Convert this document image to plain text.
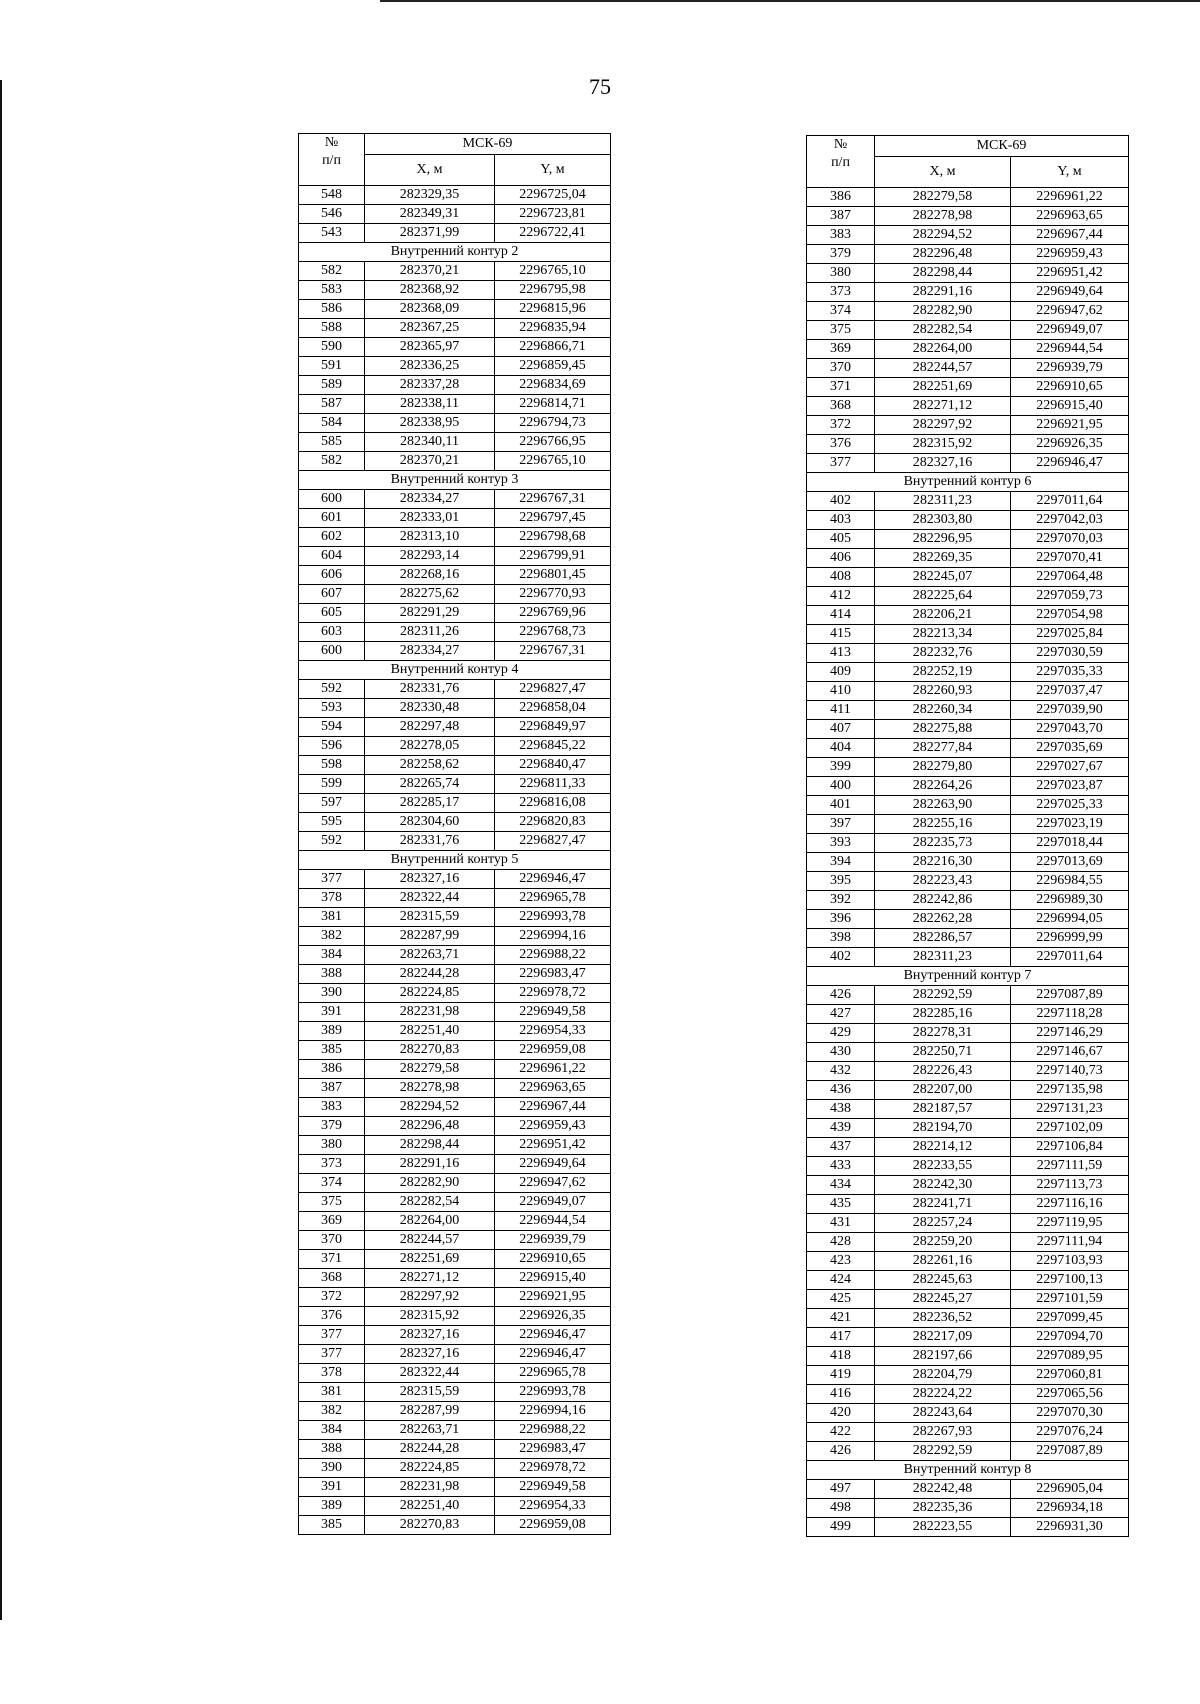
75
№
п/п	МСК-69	
	X, м	Y, м
548	282329,35	2296725,04
546	282349,31	2296723,81
543	282371,99	2296722,41
Внутренний контур 2		
582	282370,21	2296765,10
583	282368,92	2296795,98
586	282368,09	2296815,96
588	282367,25	2296835,94
590	282365,97	2296866,71
591	282336,25	2296859,45
589	282337,28	2296834,69
587	282338,11	2296814,71
584	282338,95	2296794,73
585	282340,11	2296766,95
582	282370,21	2296765,10
Внутренний контур 3		
600	282334,27	2296767,31
601	282333,01	2296797,45
602	282313,10	2296798,68
604	282293,14	2296799,91
606	282268,16	2296801,45
607	282275,62	2296770,93
605	282291,29	2296769,96
603	282311,26	2296768,73
600	282334,27	2296767,31
Внутренний контур 4		
592	282331,76	2296827,47
593	282330,48	2296858,04
594	282297,48	2296849,97
596	282278,05	2296845,22
598	282258,62	2296840,47
599	282265,74	2296811,33
597	282285,17	2296816,08
595	282304,60	2296820,83
592	282331,76	2296827,47
Внутренний контур 5		
377	282327,16	2296946,47
378	282322,44	2296965,78
381	282315,59	2296993,78
382	282287,99	2296994,16
384	282263,71	2296988,22
388	282244,28	2296983,47
390	282224,85	2296978,72
391	282231,98	2296949,58
389	282251,40	2296954,33
385	282270,83	2296959,08
386	282279,58	2296961,22
387	282278,98	2296963,65
383	282294,52	2296967,44
379	282296,48	2296959,43
380	282298,44	2296951,42
373	282291,16	2296949,64
374	282282,90	2296947,62
375	282282,54	2296949,07
369	282264,00	2296944,54
370	282244,57	2296939,79
371	282251,69	2296910,65
368	282271,12	2296915,40
372	282297,92	2296921,95
376	282315,92	2296926,35
377	282327,16	2296946,47
377	282327,16	2296946,47
378	282322,44	2296965,78
381	282315,59	2296993,78
382	282287,99	2296994,16
384	282263,71	2296988,22
388	282244,28	2296983,47
390	282224,85	2296978,72
391	282231,98	2296949,58
389	282251,40	2296954,33
385	282270,83	2296959,08
№
п/п	МСК-69	
	X, м	Y, м
386	282279,58	2296961,22
387	282278,98	2296963,65
383	282294,52	2296967,44
379	282296,48	2296959,43
380	282298,44	2296951,42
373	282291,16	2296949,64
374	282282,90	2296947,62
375	282282,54	2296949,07
369	282264,00	2296944,54
370	282244,57	2296939,79
371	282251,69	2296910,65
368	282271,12	2296915,40
372	282297,92	2296921,95
376	282315,92	2296926,35
377	282327,16	2296946,47
Внутренний контур 6		
402	282311,23	2297011,64
403	282303,80	2297042,03
405	282296,95	2297070,03
406	282269,35	2297070,41
408	282245,07	2297064,48
412	282225,64	2297059,73
414	282206,21	2297054,98
415	282213,34	2297025,84
413	282232,76	2297030,59
409	282252,19	2297035,33
410	282260,93	2297037,47
411	282260,34	2297039,90
407	282275,88	2297043,70
404	282277,84	2297035,69
399	282279,80	2297027,67
400	282264,26	2297023,87
401	282263,90	2297025,33
397	282255,16	2297023,19
393	282235,73	2297018,44
394	282216,30	2297013,69
395	282223,43	2296984,55
392	282242,86	2296989,30
396	282262,28	2296994,05
398	282286,57	2296999,99
402	282311,23	2297011,64
Внутренний контур 7		
426	282292,59	2297087,89
427	282285,16	2297118,28
429	282278,31	2297146,29
430	282250,71	2297146,67
432	282226,43	2297140,73
436	282207,00	2297135,98
438	282187,57	2297131,23
439	282194,70	2297102,09
437	282214,12	2297106,84
433	282233,55	2297111,59
434	282242,30	2297113,73
435	282241,71	2297116,16
431	282257,24	2297119,95
428	282259,20	2297111,94
423	282261,16	2297103,93
424	282245,63	2297100,13
425	282245,27	2297101,59
421	282236,52	2297099,45
417	282217,09	2297094,70
418	282197,66	2297089,95
419	282204,79	2297060,81
416	282224,22	2297065,56
420	282243,64	2297070,30
422	282267,93	2297076,24
426	282292,59	2297087,89
Внутренний контур 8		
497	282242,48	2296905,04
498	282235,36	2296934,18
499	282223,55	2296931,30
